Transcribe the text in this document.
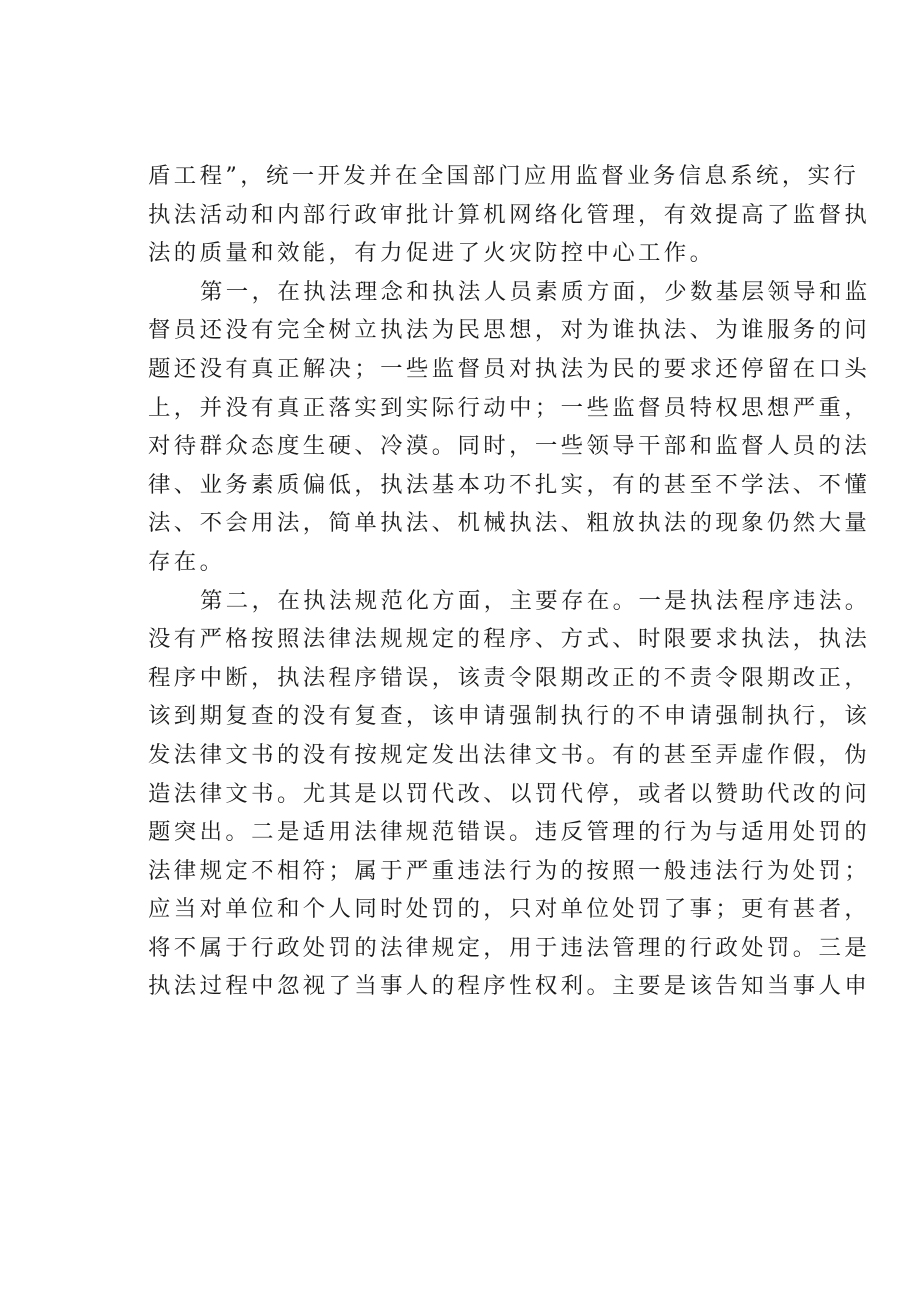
盾工程”，统一开发并在全国部门应用监督业务信息系统，实行
执法活动和内部行政审批计算机网络化管理，有效提高了监督执
法的质量和效能，有力促进了火灾防控中心工作。
第一，在执法理念和执法人员素质方面，少数基层领导和监
督员还没有完全树立执法为民思想，对为谁执法、为谁服务的问
题还没有真正解决；一些监督员对执法为民的要求还停留在口头
上，并没有真正落实到实际行动中；一些监督员特权思想严重，
对待群众态度生硬、冷漠。同时，一些领导干部和监督人员的法
律、业务素质偏低，执法基本功不扎实，有的甚至不学法、不懂
法、不会用法，简单执法、机械执法、粗放执法的现象仍然大量
存在。
第二，在执法规范化方面，主要存在。一是执法程序违法。
没有严格按照法律法规规定的程序、方式、时限要求执法，执法
程序中断，执法程序错误，该责令限期改正的不责令限期改正，
该到期复查的没有复查，该申请强制执行的不申请强制执行，该
发法律文书的没有按规定发出法律文书。有的甚至弄虚作假，伪
造法律文书。尤其是以罚代改、以罚代停，或者以赞助代改的问
题突出。二是适用法律规范错误。违反管理的行为与适用处罚的
法律规定不相符；属于严重违法行为的按照一般违法行为处罚；
应当对单位和个人同时处罚的，只对单位处罚了事；更有甚者，
将不属于行政处罚的法律规定，用于违法管理的行政处罚。三是
执法过程中忽视了当事人的程序性权利。主要是该告知当事人申
